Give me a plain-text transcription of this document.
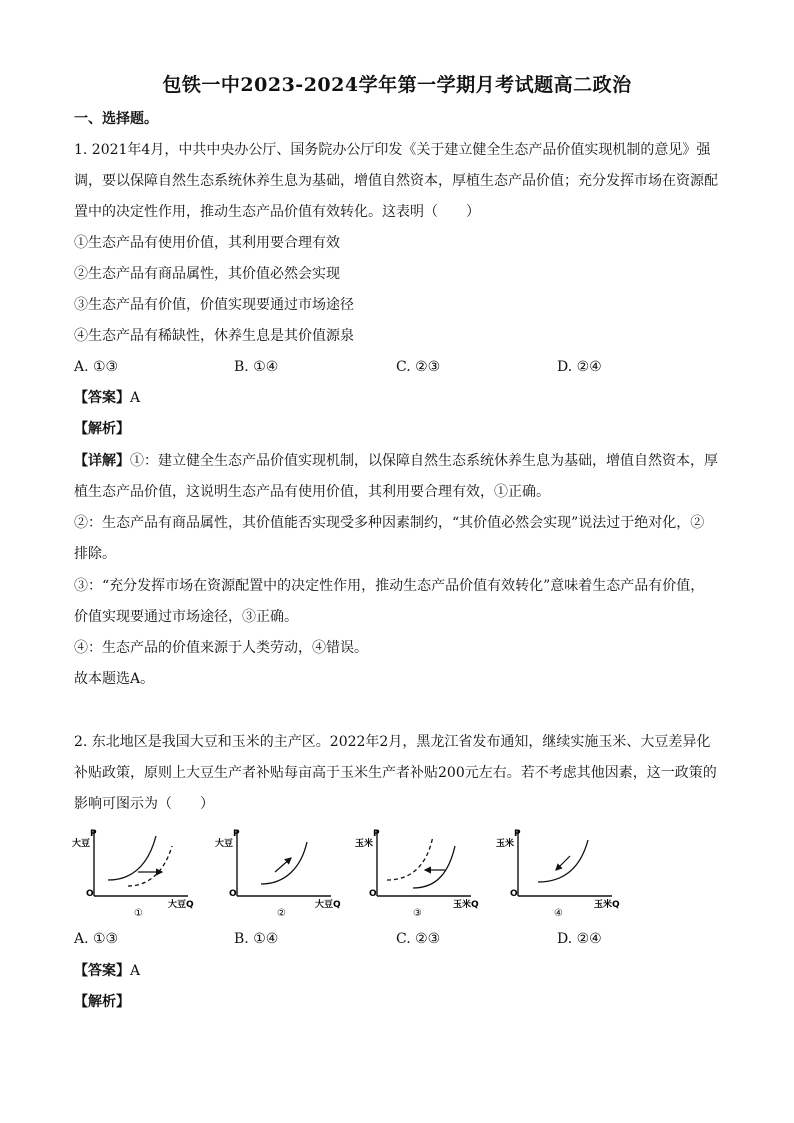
包铁一中2023-2024学年第一学期月考试题高二政治
一、选择题。
1. 2021年4月，中共中央办公厅、国务院办公厅印发《关于建立健全生态产品价值实现机制的意见》强
调，要以保障自然生态系统休养生息为基础，增值自然资本，厚植生态产品价值；充分发挥市场在资源配
置中的决定性作用，推动生态产品价值有效转化。这表明（　　）
①生态产品有使用价值，其利用要合理有效
②生态产品有商品属性，其价值必然会实现
③生态产品有价值，价值实现要通过市场途径
④生态产品有稀缺性，休养生息是其价值源泉
A. ①③	B. ①④	C. ②③	D. ②④
【答案】A
【解析】
【详解】①：建立健全生态产品价值实现机制，以保障自然生态系统休养生息为基础，增值自然资本，厚
植生态产品价值，这说明生态产品有使用价值，其利用要合理有效，①正确。
②：生态产品有商品属性，其价值能否实现受多种因素制约，“其价值必然会实现”说法过于绝对化，②
排除。
③：“充分发挥市场在资源配置中的决定性作用，推动生态产品价值有效转化”意味着生态产品有价值，
价值实现要通过市场途径，③正确。
④：生态产品的价值来源于人类劳动，④错误。
故本题选A。
2. 东北地区是我国大豆和玉米的主产区。2022年2月，黑龙江省发布通知，继续实施玉米、大豆差异化
补贴政策，原则上大豆生产者补贴每亩高于玉米生产者补贴200元左右。若不考虑其他因素，这一政策的
影响可图示为（　　）
P
大豆
O
大豆Q
①
P
大豆
O
大豆Q
②
P
玉米
O
玉米Q
③
P
玉米
O
玉米Q
④
A. ①③	B. ①④	C. ②③	D. ②④
【答案】A
【解析】
